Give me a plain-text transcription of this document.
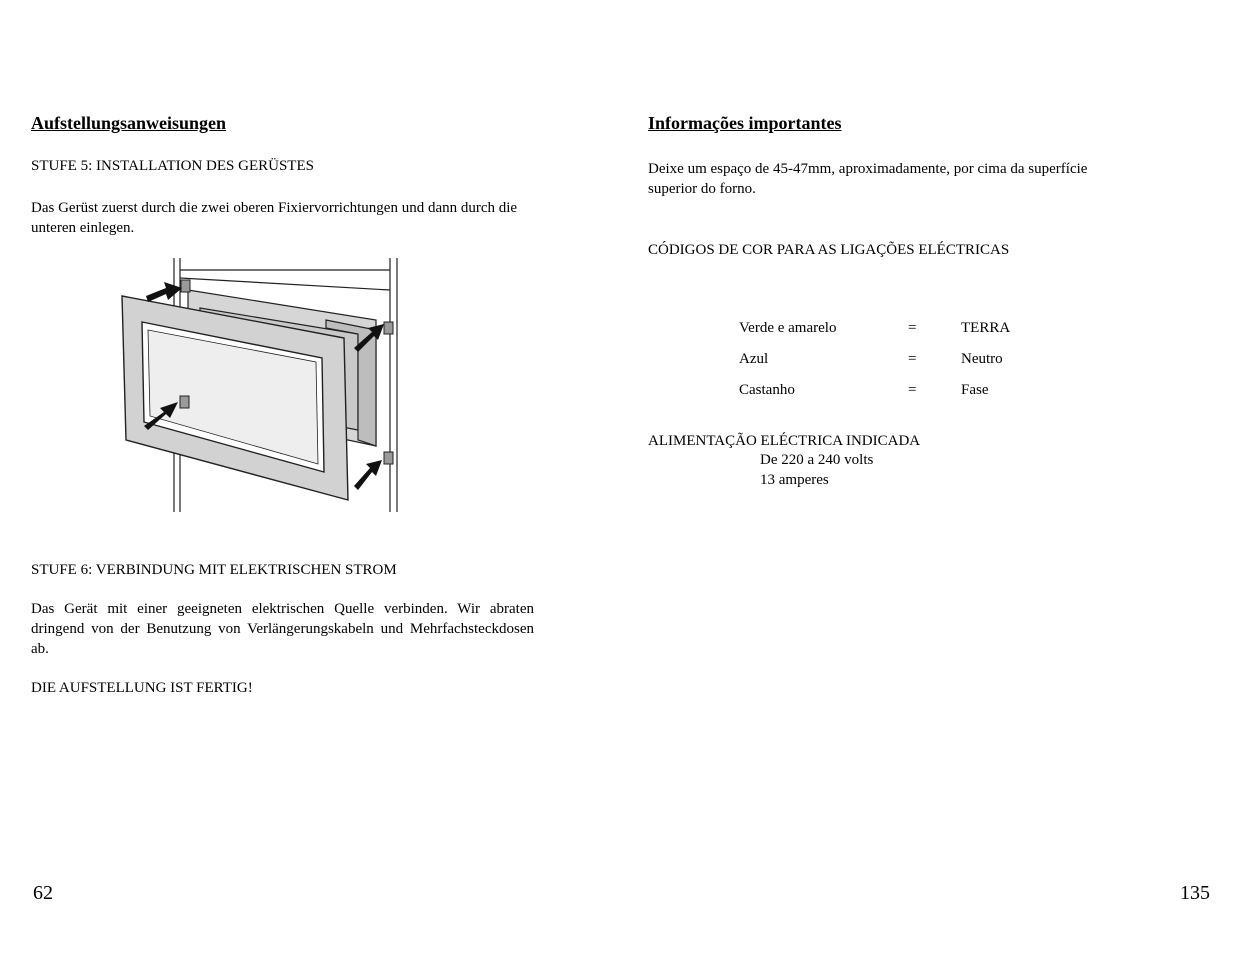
Aufstellungsanweisungen
STUFE 5: INSTALLATION DES GERÜSTES
Das Gerüst zuerst durch die zwei oberen Fixiervorrichtungen und dann durch die unteren einlegen.
STUFE 6: VERBINDUNG MIT ELEKTRISCHEN STROM
Das Gerät mit einer geeigneten elektrischen Quelle verbinden. Wir abraten dringend von der Benutzung von Verlängerungskabeln und Mehrfachsteckdosen ab.
DIE AUFSTELLUNG IST FERTIG!
62
Informações importantes
Deixe um espaço de 45-47mm, aproximadamente, por cima da superfície superior do forno.
CÓDIGOS DE COR PARA AS LIGAÇÕES ELÉCTRICAS
Verde e amarelo	=	TERRA
Azul	=	Neutro
Castanho	=	Fase
ALIMENTAÇÃO ELÉCTRICA INDICADA
De 220 a 240 volts
13 amperes
135
